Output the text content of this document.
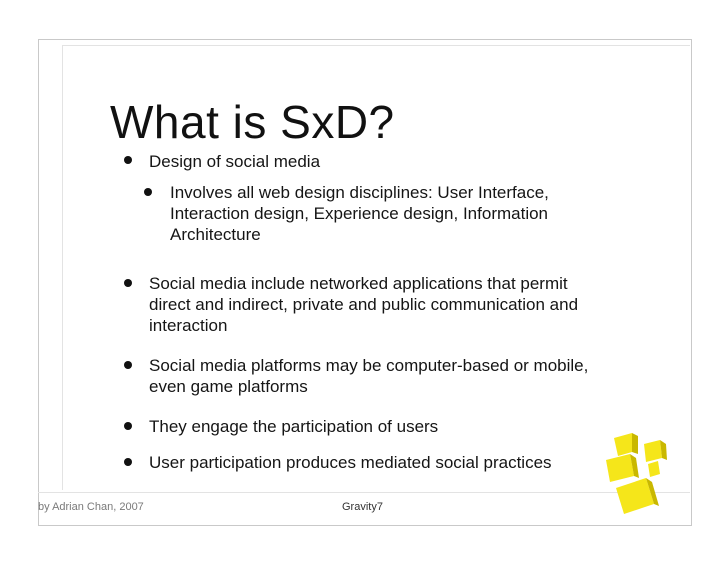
What is SxD?
Design of social media
Involves all web design disciplines: User Interface, Interaction design, Experience design, Information Architecture
Social media include networked applications that permit direct and indirect, private and public communication and interaction
Social media platforms may be computer-based or mobile, even game platforms
They engage the participation of users
User participation produces mediated social practices
by Adrian Chan, 2007	Gravity7
